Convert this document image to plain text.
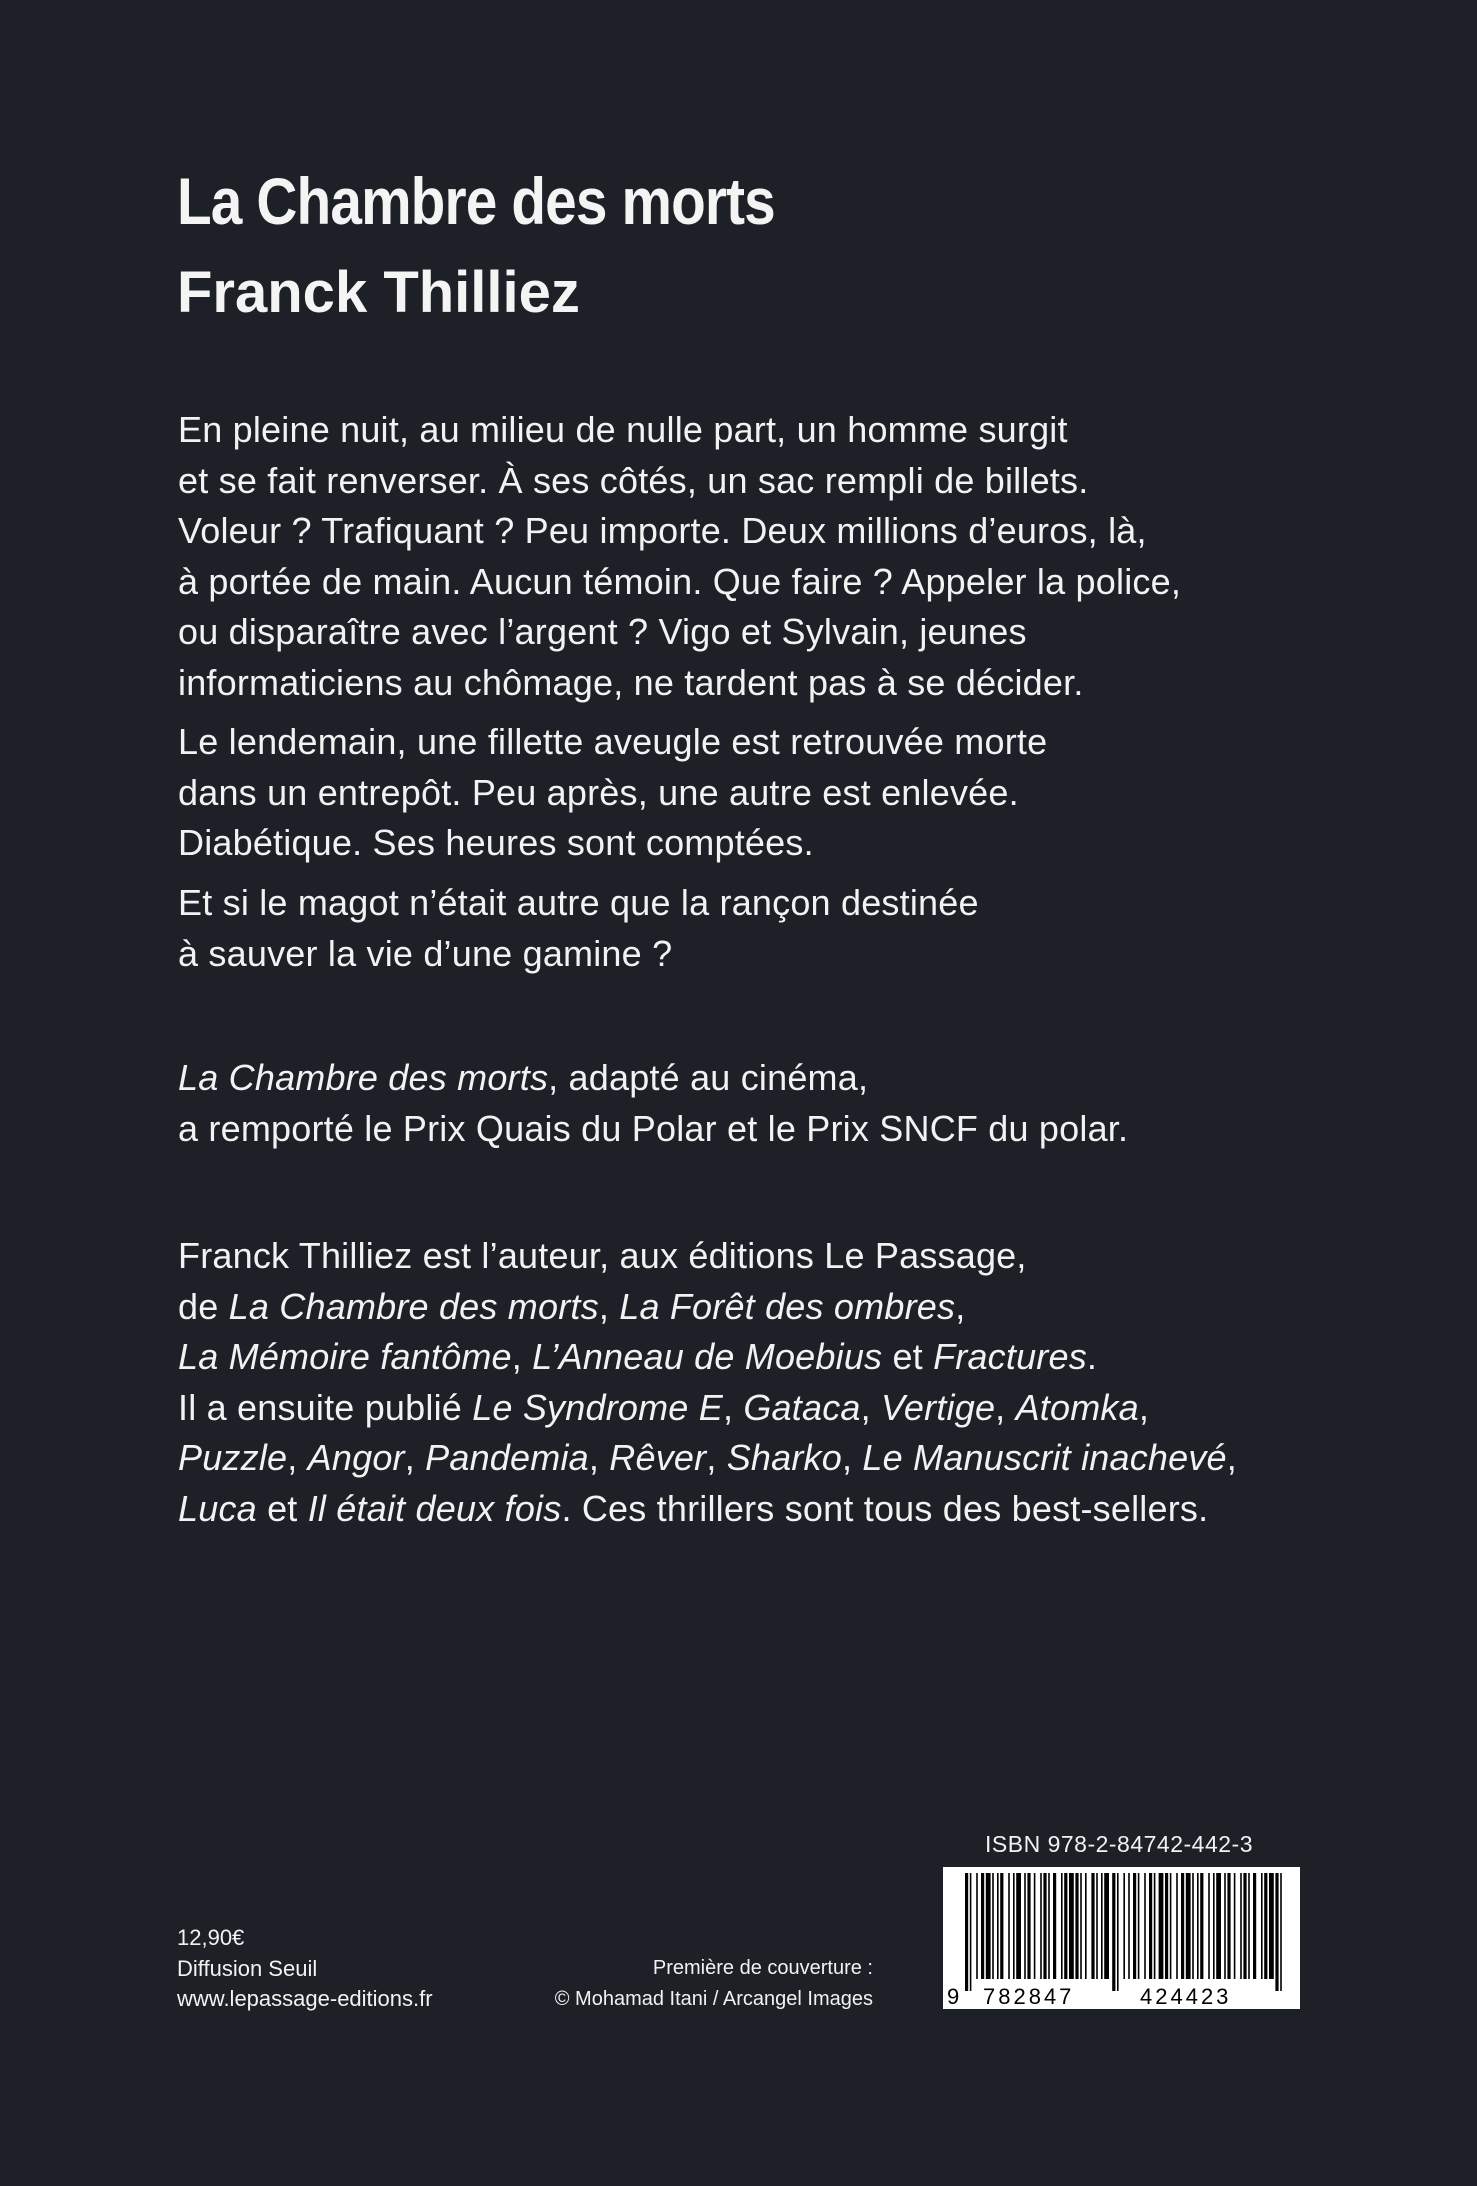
La Chambre des morts
Franck Thilliez
En pleine nuit, au milieu de nulle part, un homme surgit
et se fait renverser. À ses côtés, un sac rempli de billets.
Voleur ? Trafiquant ? Peu importe. Deux millions d’euros, là,
à portée de main. Aucun témoin. Que faire ? Appeler la police,
ou disparaître avec l’argent ? Vigo et Sylvain, jeunes
informaticiens au chômage, ne tardent pas à se décider.
Le lendemain, une fillette aveugle est retrouvée morte
dans un entrepôt. Peu après, une autre est enlevée.
Diabétique. Ses heures sont comptées.
Et si le magot n’était autre que la rançon destinée
à sauver la vie d’une gamine ?
La Chambre des morts, adapté au cinéma,
a remporté le Prix Quais du Polar et le Prix SNCF du polar.
Franck Thilliez est l’auteur, aux éditions Le Passage,
de La Chambre des morts, La Forêt des ombres,
La Mémoire fantôme, L’Anneau de Moebius et Fractures.
Il a ensuite publié Le Syndrome E, Gataca, Vertige, Atomka,
Puzzle, Angor, Pandemia, Rêver, Sharko, Le Manuscrit inachevé,
Luca et Il était deux fois. Ces thrillers sont tous des best-sellers.
12,90€
Diffusion Seuil
www.lepassage-editions.fr
Première de couverture :
© Mohamad Itani / Arcangel Images
ISBN 978-2-84742-442-3
9 782847	424423
